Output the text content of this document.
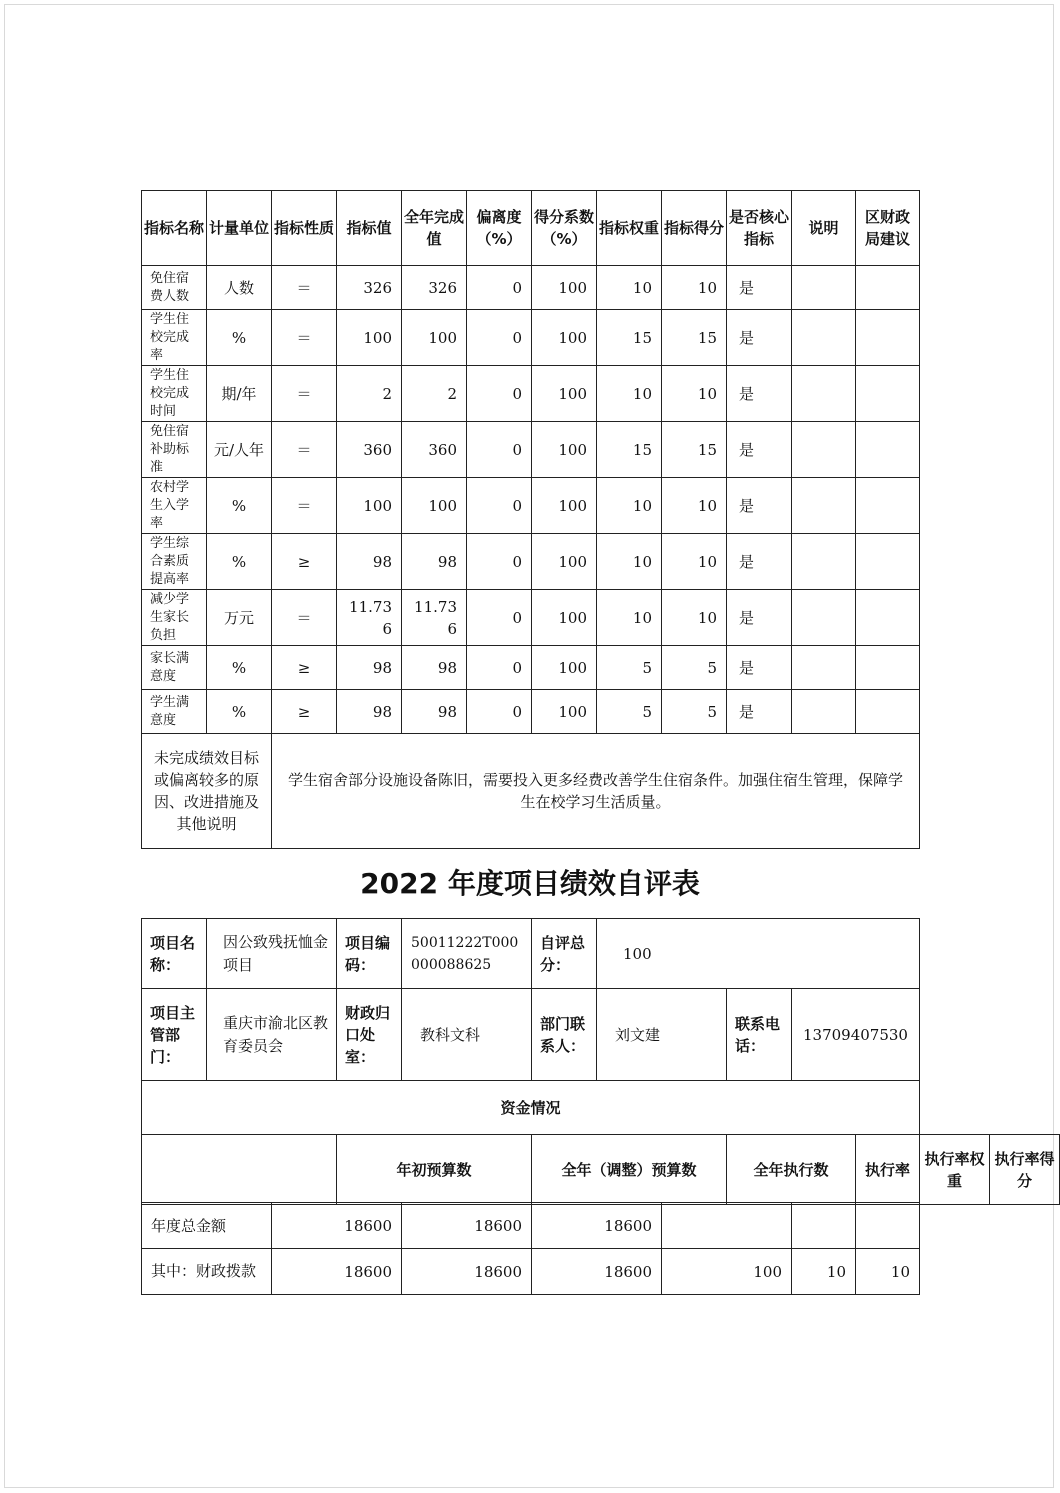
指标名称	计量单位	指标性质	指标值	全年完成值	偏离度（%）	得分系数（%）	指标权重	指标得分	是否核心指标	说明	区财政局建议
免住宿费人数	人数	＝	326	326	0	100	10	10	是		
学生住校完成率	%	＝	100	100	0	100	15	15	是		
学生住校完成时间	期/年	＝	2	2	0	100	10	10	是		
免住宿补助标准	元/人年	＝	360	360	0	100	15	15	是		
农村学生入学率	%	＝	100	100	0	100	10	10	是		
学生综合素质提高率	%	≥	98	98	0	100	10	10	是		
减少学生家长负担	万元	＝	11.736	11.736	0	100	10	10	是		
家长满意度	%	≥	98	98	0	100	5	5	是		
学生满意度	%	≥	98	98	0	100	5	5	是		
未完成绩效目标或偏离较多的原因、改进措施及其他说明		学生宿舍部分设施设备陈旧，需要投入更多经费改善学生住宿条件。加强住宿生管理，保障学生在校学习生活质量。									
2022 年度项目绩效自评表
项目名称：	因公致残抚恤金项目	项目编码：	50011222T000000088625	自评总分：	100					
项目主管部门：	重庆市渝北区教育委员会	财政归口处室：	教科文科	部门联系人：	刘文建	联系电话：	13709407530			
资金情况										
		年初预算数		全年（调整）预算数		全年执行数		执行率	执行率权重	执行率得分
年度总金额	18600	18600	18600			
其中：财政拨款	18600	18600	18600	100	10	10
